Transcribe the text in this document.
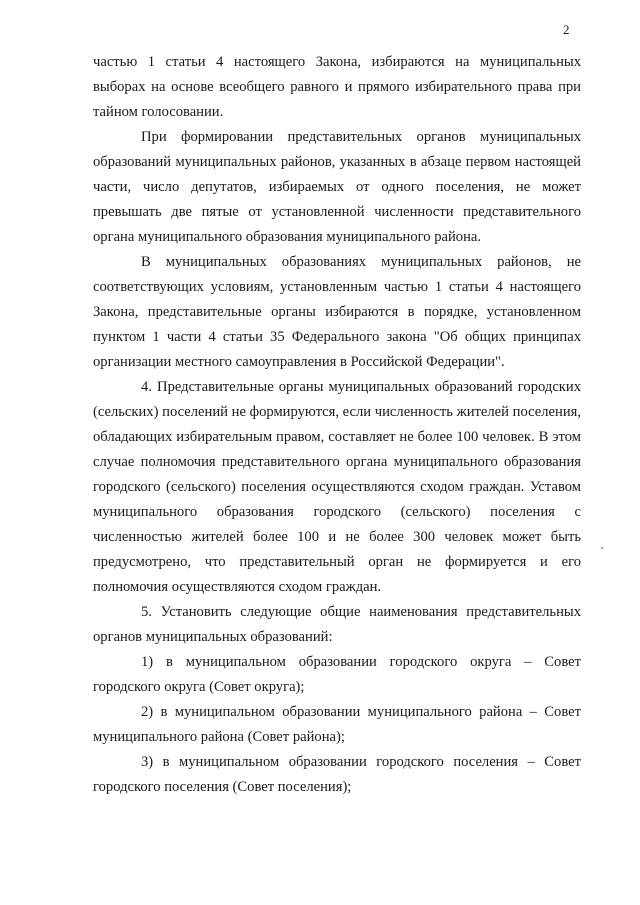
2

частью 1 статьи 4 настоящего Закона, избираются на муниципальных выборах на основе всеобщего равного и прямого избирательного права при тайном голосовании.

При формировании представительных органов муниципальных образований муниципальных районов, указанных в абзаце первом настоящей части, число депутатов, избираемых от одного поселения, не может превышать две пятые от установленной численности представительного органа муниципального образования муниципального района.

В муниципальных образованиях муниципальных районов, не соответствующих условиям, установленным частью 1 статьи 4 настоящего Закона, представительные органы избираются в порядке, установленном пунктом 1 части 4 статьи 35 Федерального закона "Об общих принципах организации местного самоуправления в Российской Федерации".

4. Представительные органы муниципальных образований городских (сельских) поселений не формируются, если численность жителей поселения, обладающих избирательным правом, составляет не более 100 человек. В этом случае полномочия представительного органа муниципального образования городского (сельского) поселения осуществляются сходом граждан. Уставом муниципального образования городского (сельского) поселения с численностью жителей более 100 и не более 300 человек может быть предусмотрено, что представительный орган не формируется и его полномочия осуществляются сходом граждан.

5. Установить следующие общие наименования представительных органов муниципальных образований:

1) в муниципальном образовании городского округа – Совет городского округа (Совет округа);

2) в муниципальном образовании муниципального района – Совет муниципального района (Совет района);

3) в муниципальном образовании городского поселения – Совет городского поселения (Совет поселения);
